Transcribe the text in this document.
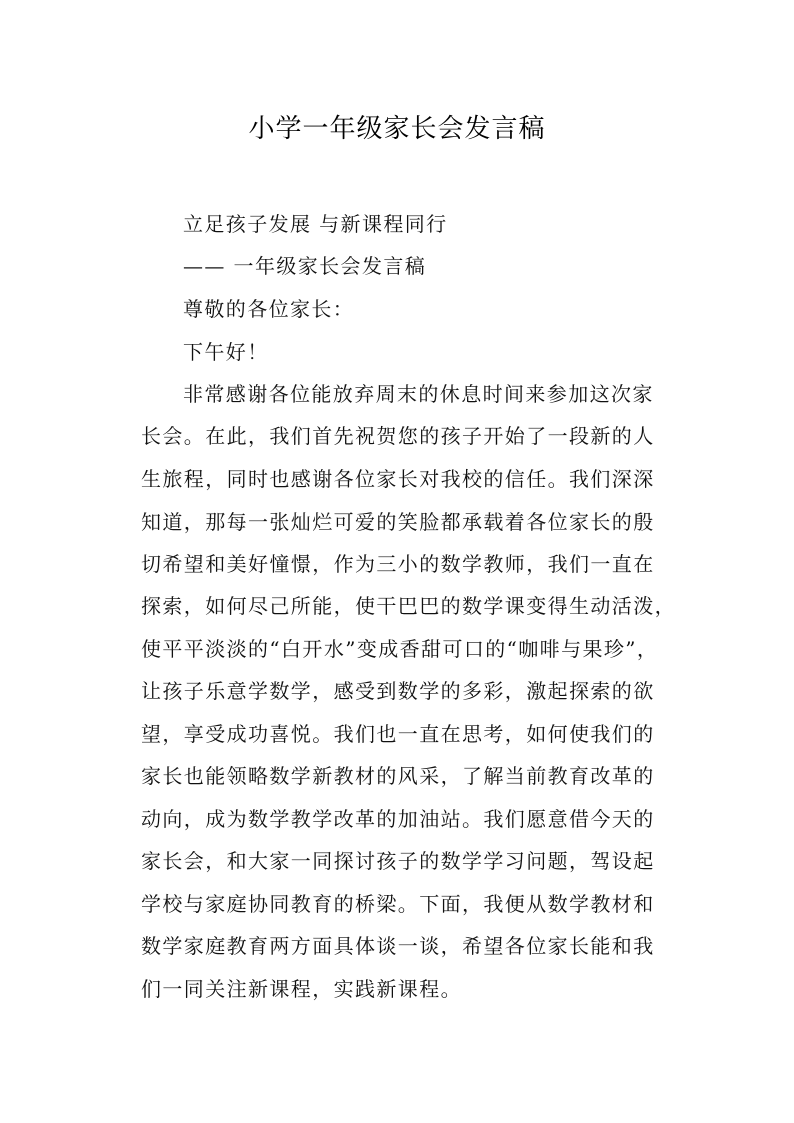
小学一年级家长会发言稿
立足孩子发展 与新课程同行
—— 一年级家长会发言稿
尊敬的各位家长：
下午好！
非常感谢各位能放弃周末的休息时间来参加这次家
长会。在此，我们首先祝贺您的孩子开始了一段新的人
生旅程，同时也感谢各位家长对我校的信任。我们深深
知道，那每一张灿烂可爱的笑脸都承载着各位家长的殷
切希望和美好憧憬，作为三小的数学教师，我们一直在
探索，如何尽己所能，使干巴巴的数学课变得生动活泼，
使平平淡淡的“白开水”变成香甜可口的“咖啡与果珍”，
让孩子乐意学数学，感受到数学的多彩，激起探索的欲
望，享受成功喜悦。我们也一直在思考，如何使我们的
家长也能领略数学新教材的风采，了解当前教育改革的
动向，成为数学教学改革的加油站。我们愿意借今天的
家长会，和大家一同探讨孩子的数学学习问题，驾设起
学校与家庭协同教育的桥梁。下面，我便从数学教材和
数学家庭教育两方面具体谈一谈，希望各位家长能和我
们一同关注新课程，实践新课程。
